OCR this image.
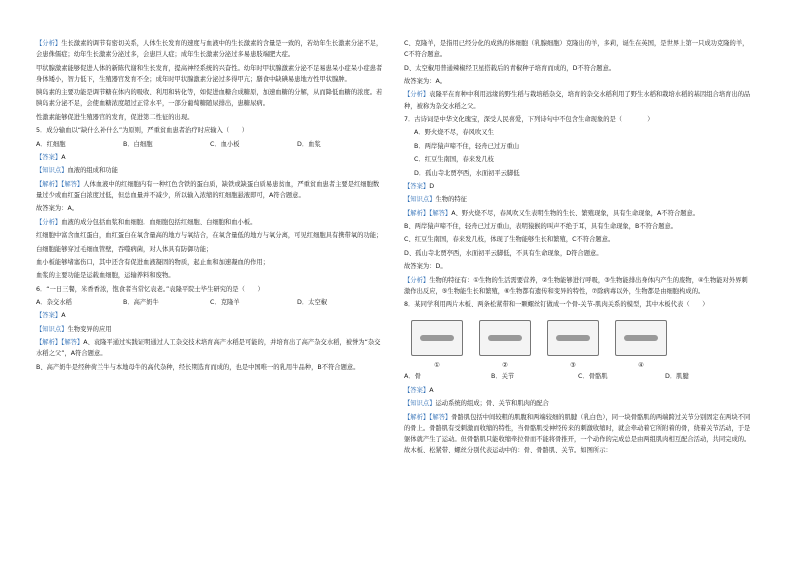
【分析】生长激素的调节有密切关系，人体生长发育的速度与血液中的生长激素的含量是一致的，若幼年生长激素分泌不足，会患侏儒症；幼年生长激素分泌过多，会患巨人症；成年生长激素分泌过多易患肢端肥大症。
甲状腺激素能够促进人体的新陈代谢和生长发育，提高神经系统的兴奋性。幼年时甲状腺激素分泌不足易患呆小症呆小症患者身体矮小，智力低下，生殖器官发育不全；成年时甲状腺激素分泌过多得甲亢；膳食中缺碘易患地方性甲状腺肿。
胰岛素的主要功能是调节糖在体内的吸收、利用和转化等，如促进血糖合成糖原，加速血糖的分解，从而降低血糖的浓度。若胰岛素分泌不足，会使血糖浓度超过正常水平，一部分葡萄糖随尿排出，患糖尿病。
性激素能够促进生殖器官的发育，促进第二性征的出现。
5．成分输血以“缺什么补什么”为原则，严重贫血患者治疗时应输入（　　）
A．红细胞	B．白细胞	C．血小板	D．血浆
【答案】A
【知识点】血液的组成和功能
【解析】【解答】人体血液中的红细胞内有一种红色含铁的蛋白质，缺铁或缺蛋白质易患贫血，严重贫血患者主要是红细胞数量过少或血红蛋白浓度过低，但总血量并不减少，所以输入浓缩的红细胞悬液即可，A符合题意。
故答案为：A。
【分析】血液的成分包括血浆和血细胞．血细胞包括红细胞、白细胞和血小板。
红细胞中富含血红蛋白，血红蛋白在氧含量高的地方与氧结合，在氧含量低的地方与氧分离，可见红细胞具有携带氧的功能；
白细胞能够穿过毛细血管壁，吞噬病菌，对人体具有防御功能；
血小板能够堵塞伤口，其中还含有促进血液凝固的物质，起止血和加速凝血的作用；
血浆的主要功能是运载血细胞，运输养料和废物。
6．“一日三餐，米香香浓，饱食者当常忆袁老。”袁隆平院士毕生研究的是（　　）
A．杂交水稻	B．高产奶牛	C．克隆羊	D．太空椒
【答案】A
【知识点】生物变异的应用
【解析】【解答】A、袁隆平通过实践证明通过人工杂交技术培育高产水稻是可能的，并培育出了高产杂交水稻，被誉为“杂交水稻之父”，A符合题意。
B、高产奶牛是经种荷兰牛与本地母牛的高代杂种，经长期选育而成的，也是中国唯一的乳用牛品种，B不符合题意。
C、克隆羊，是指用已经分化的成熟的体细胞（乳腺细胞）克隆出的羊，多莉，诞生在英国，是世界上第一只成功克隆的羊，C不符合题意。
D、太空椒用普通辣椒经卫星搭载后的青椒种子培育而成的，D不符合题意。
故答案为：A。
【分析】袁隆平在育种中利用远缘的野生稻与栽培稻杂交，培育的杂交水稻利用了野生水稻和栽培水稻的基因组合培育出的品种，被称为杂交水稻之父。
7．古诗词是中华文化瑰宝，深受人民喜爱，下列诗句中不包含生命现象的是（　　　　）
A．野火烧不尽，春风吹又生
B．两岸猿声啼不住，轻舟已过万重山
C．红豆生南国，春来发几枝
D．孤山寺北贾亭西，水面初平云脚低
【答案】D
【知识点】生物的特征
【解析】【解答】A、野火烧不尽，春风吹又生表明生物的生长、繁殖现象，具有生命现象，A不符合题意。
B、两岸猿声啼不住，轻舟已过万重山，表明猿猴的叫声不绝于耳，具有生命现象，B不符合题意。
C、红豆生南国，春来发几枝，体现了生物能够生长和繁殖，C不符合题意。
D、孤山寺北贾亭西，水面初平云脚低，不具有生命现象，D符合题意。
故答案为：D。
【分析】生物的特征有：①生物的生活需要营养，②生物能够进行呼吸，③生物能排出身体内产生的废物，④生物能对外界刺激作出反应，⑤生物能生长和繁殖，⑥生物都有遗传和变异的特性，⑦除病毒以外，生物都是由细胞构成的。
8．某同学利用两片木板、两条松紧带和一颗螺丝钉做成一个骨-关节-肌肉关系的模型，其中木板代表（　　）
①	②	③	④
A．骨	B．关节	C．骨骼肌	D．肌腱
【答案】A
【知识点】运动系统的组成；骨、关节和肌肉的配合
【解析】【解答】骨骼肌包括中间较粗的肌腹和两端较细的肌腱（乳白色），同一块骨骼肌的两端跨过关节分别固定在两块不同的骨上。骨骼肌有受刺激而收缩的特性，当骨骼肌受神经传来的刺激收缩时，就会牵动着它所附着的骨，绕着关节活动，于是躯体就产生了运动。但骨骼肌只能收缩牵拉骨而不能将骨推开，一个动作的完成总是由两组肌肉相互配合活动，共同完成的。故木板、松紧带、螺丝分别代表运动中的：骨、骨骼肌、关节。如图所示：
